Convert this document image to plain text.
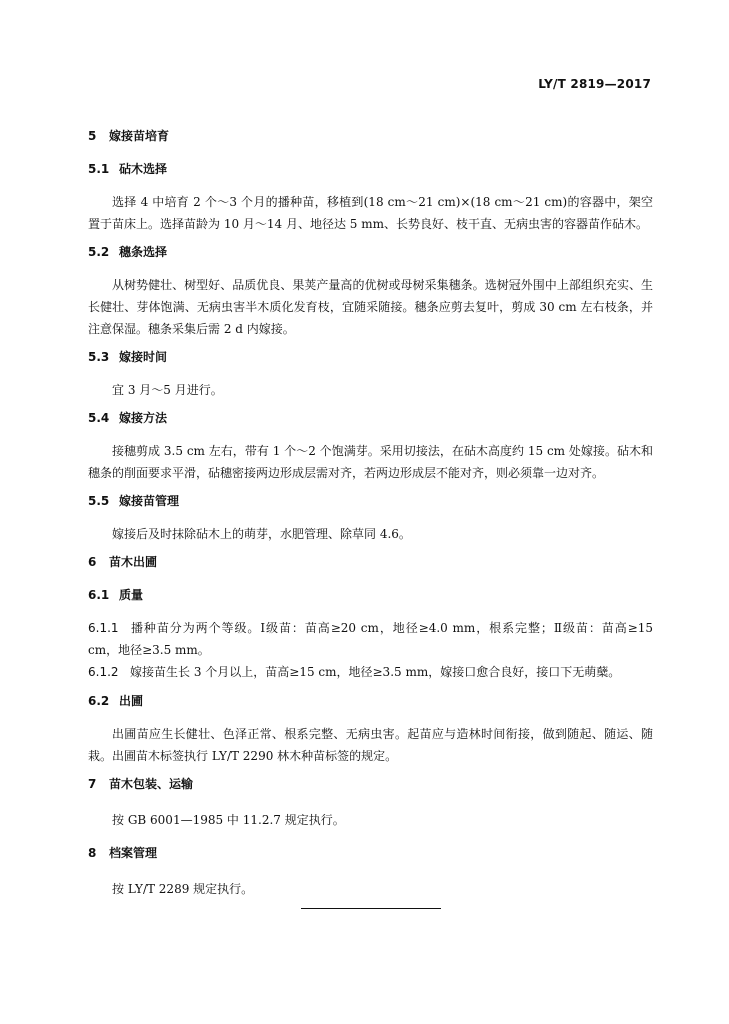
LY/T 2819—2017
5 嫁接苗培育
5.1 砧木选择

选择 4 中培育 2 个～3 个月的播种苗，移植到(18 cm～21 cm)×(18 cm～21 cm)的容器中，架空置于苗床上。选择苗龄为 10 月～14 月、地径达 5 mm、长势良好、枝干直、无病虫害的容器苗作砧木。

5.2 穗条选择

从树势健壮、树型好、品质优良、果荚产量高的优树或母树采集穗条。选树冠外围中上部组织充实、生长健壮、芽体饱满、无病虫害半木质化发育枝，宜随采随接。穗条应剪去复叶，剪成 30 cm 左右枝条，并注意保湿。穗条采集后需 2 d 内嫁接。

5.3 嫁接时间

宜 3 月～5 月进行。

5.4 嫁接方法

接穗剪成 3.5 cm 左右，带有 1 个～2 个饱满芽。采用切接法，在砧木高度约 15 cm 处嫁接。砧木和穗条的削面要求平滑，砧穗密接两边形成层需对齐，若两边形成层不能对齐，则必须靠一边对齐。

5.5 嫁接苗管理

嫁接后及时抹除砧木上的萌芽，水肥管理、除草同 4.6。

6 苗木出圃
6.1 质量

6.1.1 播种苗分为两个等级。Ⅰ级苗：苗高≥20 cm，地径≥4.0 mm，根系完整；Ⅱ级苗：苗高≥15 cm，地径≥3.5 mm。

6.1.2 嫁接苗生长 3 个月以上，苗高≥15 cm，地径≥3.5 mm，嫁接口愈合良好，接口下无萌蘖。

6.2 出圃

出圃苗应生长健壮、色泽正常、根系完整、无病虫害。起苗应与造林时间衔接，做到随起、随运、随栽。出圃苗木标签执行 LY/T 2290 林木种苗标签的规定。

7 苗木包装、运输

按 GB 6001—1985 中 11.2.7 规定执行。

8 档案管理

按 LY/T 2289 规定执行。
